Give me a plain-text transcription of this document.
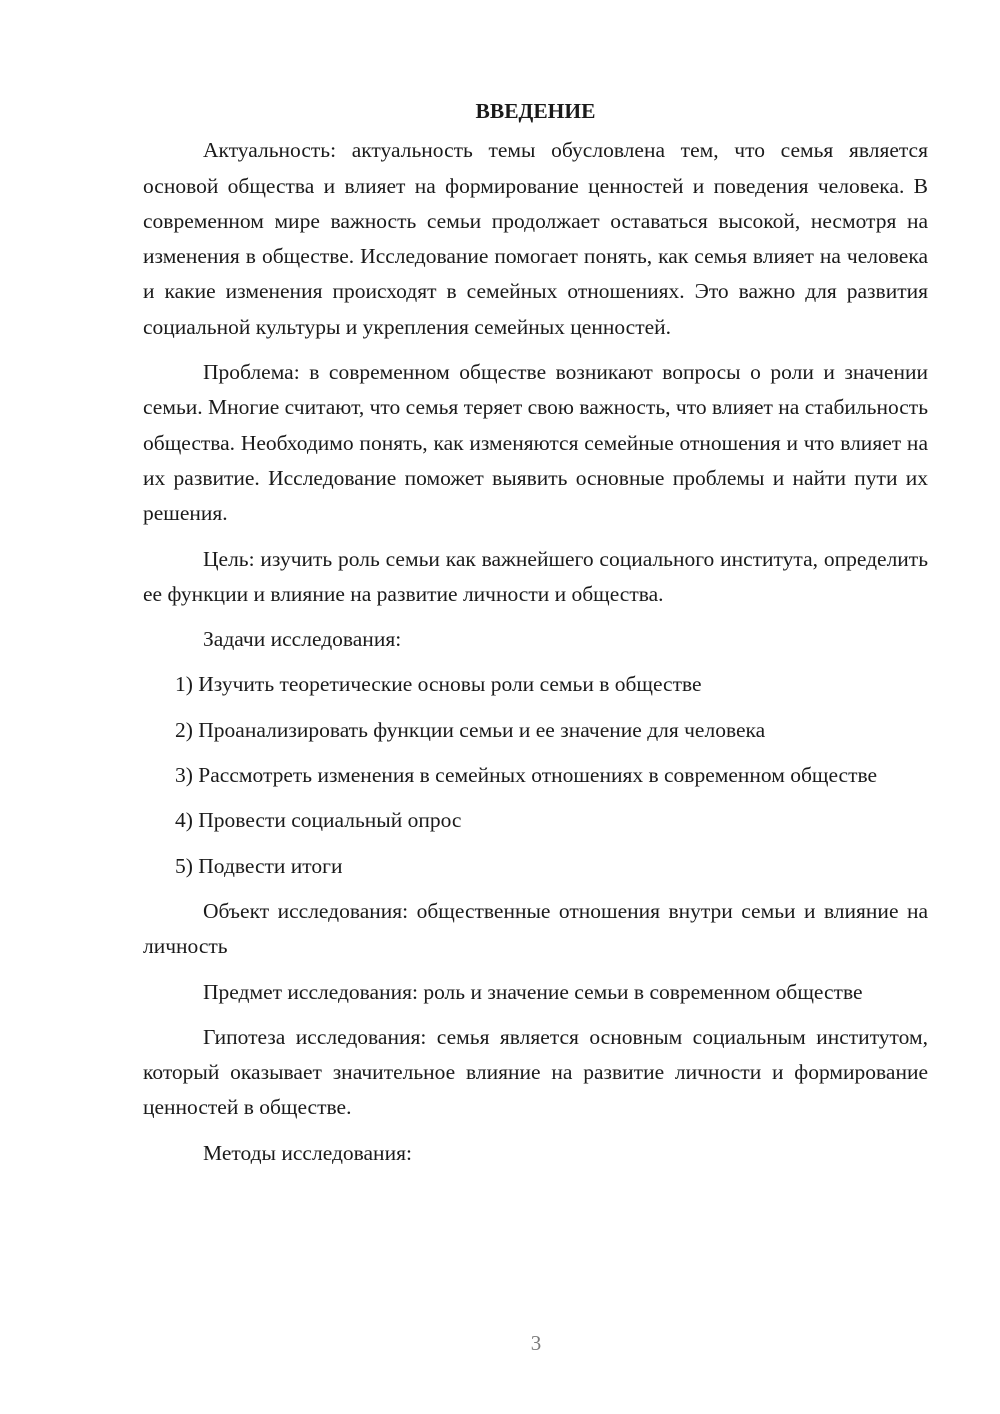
ВВЕДЕНИЕ

Актуальность: актуальность темы обусловлена тем, что семья является основой общества и влияет на формирование ценностей и поведения человека. В современном мире важность семьи продолжает оставаться высокой, несмотря на изменения в обществе. Исследование помогает понять, как семья влияет на человека и какие изменения происходят в семейных отношениях. Это важно для развития социальной культуры и укрепления семейных ценностей.

Проблема: в современном обществе возникают вопросы о роли и значении семьи. Многие считают, что семья теряет свою важность, что влияет на стабильность общества. Необходимо понять, как изменяются семейные отношения и что влияет на их развитие. Исследование поможет выявить основные проблемы и найти пути их решения.

Цель: изучить роль семьи как важнейшего социального института, определить ее функции и влияние на развитие личности и общества.

Задачи исследования:

1) Изучить теоретические основы роли семьи в обществе

2) Проанализировать функции семьи и ее значение для человека

3) Рассмотреть изменения в семейных отношениях в современном обществе

4) Провести социальный опрос

5) Подвести итоги

Объект исследования: общественные отношения внутри семьи и влияние на личность

Предмет исследования: роль и значение семьи в современном обществе

Гипотеза исследования: семья является основным социальным институтом, который оказывает значительное влияние на развитие личности и формирование ценностей в обществе.

Методы исследования:

3
